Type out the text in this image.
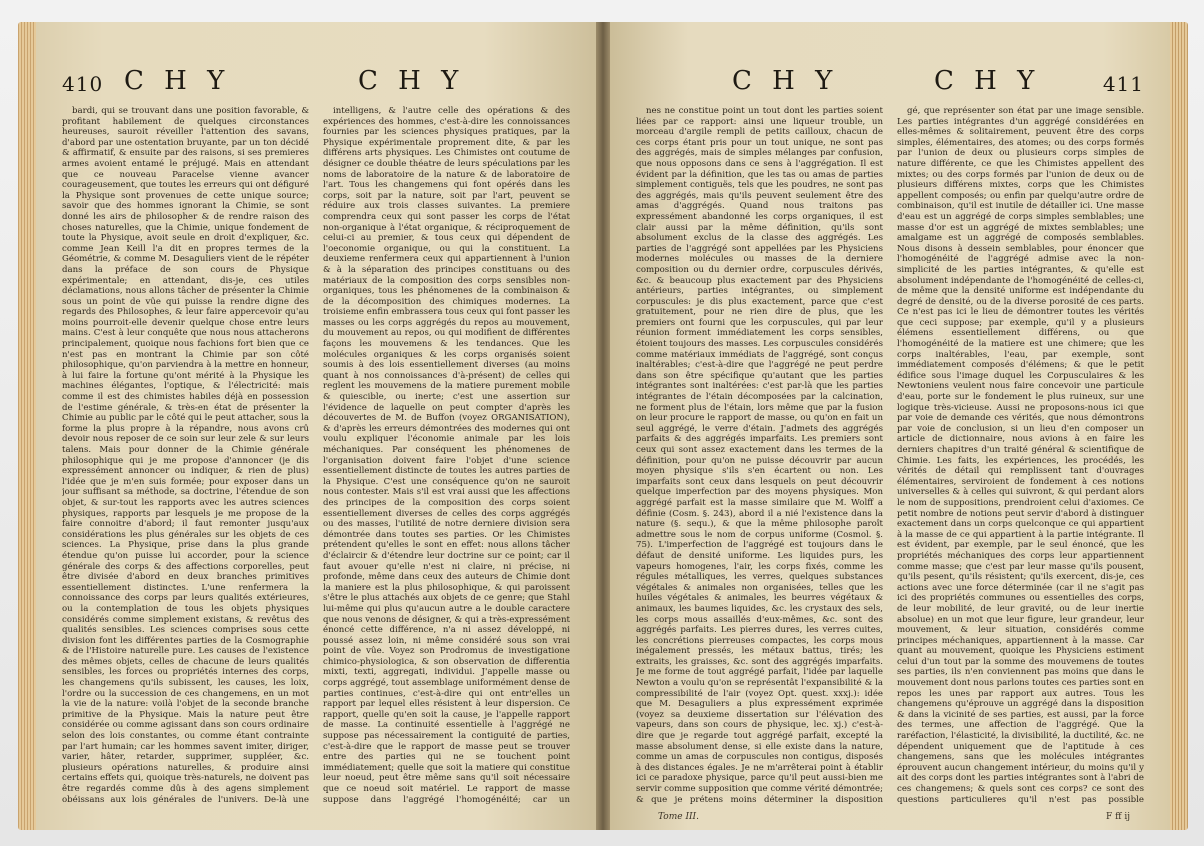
410 C H Y	C H Y

bardi, qui se trouvant dans une position favorable, & profitant habilement de quelques circonstances heureuses, sauroit réveiller l'attention des savans, d'abord par une ostentation bruyante, par un ton décidé & affirmatif, & ensuite par des raisons, si ses premieres armes avoient entamé le préjugé. Mais en attendant que ce nouveau Paracelse vienne avancer courageusement, que toutes les erreurs qui ont défiguré la Physique sont provenues de cette unique source; savoir que des hommes ignorant la Chimie, se sont donné les airs de philosopher & de rendre raison des choses naturelles, que la Chimie, unique fondement de toute la Physique, avoit seule en droit d'expliquer, &c. comme Jean Keill l'a dit en propres termes de la Géométrie, & comme M. Desaguliers vient de le répéter dans la préface de son cours de Physique expérimentale; en attendant, dis-je, ces utiles déclamations, nous allons tâcher de présenter la Chimie sous un point de vûe qui puisse la rendre digne des regards des Philosophes, & leur faire appercevoir qu'au moins pourroit-elle devenir quelque chose entre leurs mains. C'est à leur conquête que nous nous attacherons principalement, quoique nous fachions fort bien que ce n'est pas en montrant la Chimie par son côté philosophique, qu'on parviendra à la mettre en honneur, à lui faire la fortune qu'ont mérité à la Physique les machines élégantes, l'optique, & l'électricité: mais comme il est des chimistes habiles déjà en possession de l'estime générale, & très-en état de présenter la Chimie au public par le côté qui le peut attacher, sous la forme la plus propre à la répandre, nous avons crû devoir nous reposer de ce soin sur leur zele & sur leurs talens. Mais pour donner de la Chimie générale philosophique qui je me propose d'annoncer (je dis expressément annoncer ou indiquer, & rien de plus) l'idée que je m'en suis formée; pour exposer dans un jour suffisant sa méthode, sa doctrine, l'étendue de son objet, & sur-tout les rapports avec les autres sciences physiques, rapports par lesquels je me propose de la faire connoitre d'abord; il faut remonter jusqu'aux considérations les plus générales sur les objets de ces sciences. La Physique, prise dans la plus grande étendue qu'on puisse lui accorder, pour la science générale des corps & des affections corporelles, peut être divisée d'abord en deux branches primitives essentiellement distinctes. L'une renfermera la connoissance des corps par leurs qualités extérieures, ou la contemplation de tous les objets physiques considérés comme simplement existans, & revêtus des qualités sensibles. Les sciences comprises sous cette division font les différentes parties de la Cosmographie & de l'Histoire naturelle pure. Les causes de l'existence des mêmes objets, celles de chacune de leurs qualités sensibles, les forces ou propriétés internes des corps, les changemens qu'ils subissent, les causes, les loix, l'ordre ou la succession de ces changemens, en un mot la vie de la nature: voilà l'objet de la seconde branche primitive de la Physique. Mais la nature peut être considérée ou comme agissant dans son cours ordinaire selon des lois constantes, ou comme étant contrainte par l'art humain; car les hommes savent imiter, diriger, varier, hâter, retarder, supprimer, suppléer, &c. plusieurs opérations naturelles, & produire ainsi certains effets qui, quoique très-naturels, ne doivent pas être regardés comme dûs à des agens simplement obéissans aux lois générales de l'univers. De-là une

intelligens, & l'autre celle des opérations & des expériences des hommes, c'est-à-dire les connoissances fournies par les sciences physiques pratiques, par la Physique expérimentale proprement dite, & par les différens arts physiques. Les Chimistes ont coutume de désigner ce double théatre de leurs spéculations par les noms de laboratoire de la nature & de laboratoire de l'art. Tous les changemens qui font opérés dans les corps, soit par la nature, soit par l'art, peuvent se réduire aux trois classes suivantes. La premiere comprendra ceux qui sont passer les corps de l'état non-organique à l'état organique, & réciproquement de celui-ci au premier, & tous ceux qui dépendent de l'oeconomie organique, ou qui la constituent. La deuxieme renfermera ceux qui appartiennent à l'union & à la séparation des principes constituans ou des matériaux de la composition des corps sensibles non-organiques, tous les phénomenes de la combinaison & de la décomposition des chimiques modernes. La troisieme enfin embrassera tous ceux qui font passer les masses ou les corps aggrégés du repos au mouvement, du mouvement au repos, ou qui modifient de différentes façons les mouvemens & les tendances. Que les molécules organiques & les corps organisés soient soumis à des lois essentiellement diverses (au moins quant à nos connoissances d'à-présent) de celles qui reglent les mouvemens de la matiere purement mobile & quiescible, ou inerte; c'est une assertion sur l'évidence de laquelle on peut compter d'après les découvertes de M. de Buffon (voyez ORGANISATION), & d'après les erreurs démontrées des modernes qui ont voulu expliquer l'économie animale par les lois méchaniques. Par conséquent les phénomenes de l'organisation doivent faire l'objet d'une science essentiellement distincte de toutes les autres parties de la Physique. C'est une conséquence qu'on ne sauroit nous contester. Mais s'il est vrai aussi que les affections des principes de la composition des corps soient essentiellement diverses de celles des corps aggrégés ou des masses, l'utilité de notre derniere division sera démontrée dans toutes ses parties. Or les Chimistes prétendent qu'elles le sont en effet: nous allons tâcher d'éclaircir & d'étendre leur doctrine sur ce point; car il faut avouer qu'elle n'est ni claire, ni précise, ni profonde, même dans ceux des auteurs de Chimie dont la maniere est la plus philosophique, & qui paroissent s'être le plus attachés aux objets de ce genre; que Stahl lui-même qui plus qu'aucun autre a le double caractere que nous venons de désigner, & qui a très-expressément énoncé cette différence, n'a ni assez développé, ni poussé assez loin, ni même considéré sous son vrai point de vûe. Voyez son Prodromus de investigatione chimico-physiologica, & son observation de differentia mixti, texti, aggregati, individui. J'appelle masse ou corps aggrégé, tout assemblage uniformément dense de parties continues, c'est-à-dire qui ont entr'elles un rapport par lequel elles résistent à leur dispersion. Ce rapport, quelle qu'en soit la cause, je l'appelle rapport de masse. La continuité essentielle à l'aggrégé ne suppose pas nécessairement la contiguité de parties, c'est-à-dire que le rapport de masse peut se trouver entre des parties qui ne se touchent point immédiatement; quelle que soit la matiere qui constitue leur noeud, peut être même sans qu'il soit nécessaire que ce noeud soit matériel. Le rapport de masse suppose dans l'aggrégé l'homogénéité; car un

C H Y	C H Y	411

nes ne constitue point un tout dont les parties soient liées par ce rapport: ainsi une liqueur trouble, un morceau d'argile rempli de petits cailloux, chacun de ces corps étant pris pour un tout unique, ne sont pas des aggrégés, mais de simples mélanges par confusion, que nous opposons dans ce sens à l'aggrégation. Il est évident par la définition, que les tas ou amas de parties simplement contiguës, tels que les poudres, ne sont pas des aggrégés, mais qu'ils peuvent seulement être des amas d'aggrégés. Quand nous traitons pas expressément abandonné les corps organiques, il est clair aussi par la même définition, qu'ils sont absolument exclus de la classe des aggrégés. Les parties de l'aggrégé sont appellées par les Physiciens modernes molécules ou masses de la derniere composition ou du dernier ordre, corpuscules dérivés, &c. & beaucoup plus exactement par des Physiciens antérieurs, parties intégrantes, ou simplement corpuscules: je dis plus exactement, parce que c'est gratuitement, pour ne rien dire de plus, que les premiers ont fourni que les corpuscules, qui par leur réunion forment immédiatement les corps sensibles, étoient toujours des masses. Les corpuscules considérés comme matériaux immédiats de l'aggrégé, sont conçus inaltérables; c'est-à-dire que l'aggrégé ne peut perdre dans son être spécifique qu'autant que les parties intégrantes sont inaltérées: c'est par-là que les parties intégrantes de l'étain décomposées par la calcination, ne forment plus de l'étain, lors même que par la fusion on leur procure le rapport de masse, ou qu'on en fait un seul aggrégé, le verre d'étain. J'admets des aggrégés parfaits & des aggrégés imparfaits. Les premiers sont ceux qui sont assez exactement dans les termes de la définition, pour qu'on ne puisse découvrir par aucun moyen physique s'ils s'en écartent ou non. Les imparfaits sont ceux dans lesquels on peut découvrir quelque imperfection par des moyens physiques. Mon aggrégé parfait est la masse similaire que M. Wolff a définie (Cosm. §. 243), abord il a nié l'existence dans la nature (§. sequ.), & que la même philosophe paroît admettre sous le nom de corpus uniforme (Cosmol. §. 75). L'imperfection de l'aggrégé est toujours dans le défaut de densité uniforme. Les liquides purs, les vapeurs homogenes, l'air, les corps fixés, comme les régules métalliques, les verres, quelques substances végétales & animales non organisées, telles que les huiles végétales & animales, les beurres végétaux & animaux, les baumes liquides, &c. les crystaux des sels, les corps mous assaillés d'eux-mêmes, &c. sont des aggrégés parfaits. Les pierres dures, les verres cuites, les concrétions pierreuses compactes, les corps mous inégalement pressés, les métaux battus, tirés; les extraits, les graisses, &c. sont des aggrégés imparfaits. Je me forme de tout aggrégé parfait, l'idée par laquelle Newton a voulu qu'on se représentât l'expansibilité & la compressibilité de l'air (voyez Opt. quest. xxxj.): idée que M. Desaguliers a plus expressément exprimée (voyez sa deuxieme dissertation sur l'élévation des vapeurs, dans son cours de physique, lec. xj.) c'est-à-dire que je regarde tout aggrégé parfait, excepté la masse absolument dense, si elle existe dans la nature, comme un amas de corpuscules non contigus, disposés à des distances égales. Je ne m'arrêterai point à établir ici ce paradoxe physique, parce qu'il peut aussi-bien me servir comme supposition que comme vérité démontrée; & que je prétens moins déterminer la disposition

gé, que représenter son état par une image sensible. Les parties intégrantes d'un aggrégé considérées en elles-mêmes & solitairement, peuvent être des corps simples, élémentaires, des atomes; ou des corps formés par l'union de deux ou plusieurs corps simples de nature différente, ce que les Chimistes appellent des mixtes; ou des corps formés par l'union de deux ou de plusieurs différens mixtes, corps que les Chimistes appellent composés; ou enfin par quelqu'autre ordre de combinaison, qu'il est inutile de détailler ici. Une masse d'eau est un aggrégé de corps simples semblables; une masse d'or est un aggrégé de mixtes semblables; une amalgame est un aggrégé de composés semblables. Nous disons à dessein semblables, pour énoncer que l'homogénéité de l'aggrégé admise avec la non-simplicité de les parties intégrantes, & qu'elle est absolument indépendante de l'homogénéité de celles-ci, de même que la densité uniforme est indépendante du degré de densité, ou de la diverse porosité de ces parts. Ce n'est pas ici le lieu de démontrer toutes les vérités que ceci suppose; par exemple, qu'il y a plusieurs élémens essentiellement différens, ou que l'homogénéité de la matiere est une chimere; que les corps inaltérables, l'eau, par exemple, sont immédiatement composés d'élémens; & que le petit édifice sous l'image duquel les Corpusculaires & les Newtoniens veulent nous faire concevoir une particule d'eau, porte sur le fondement le plus ruineux, sur une logique très-vicieuse. Aussi ne proposons-nous ici que par voie de demande ces vérités, que nous démontrons par voie de conclusion, si un lieu d'en composer un article de dictionnaire, nous avions à en faire les derniers chapitres d'un traité général & scientifique de Chimie. Les faits, les expériences, les procédés, les vérités de détail qui remplissent tant d'ouvrages élémentaires, serviroient de fondement à ces notions universelles & à celles qui suivront, & qui perdant alors le nom de suppositions, prendroient celui d'axiomes. Ce petit nombre de notions peut servir d'abord à distinguer exactement dans un corps quelconque ce qui appartient à la masse de ce qui appartient à la partie intégrante. Il est évident, par exemple, par le seul énoncé, que les propriétés méchaniques des corps leur appartiennent comme masse; que c'est par leur masse qu'ils pousent, qu'ils pesent, qu'ils résistent; qu'ils exercent, dis-je, ces actions avec une force déterminée (car il ne s'agit pas ici des propriétés communes ou essentielles des corps, de leur mobilité, de leur gravité, ou de leur inertie absolue) en un mot que leur figure, leur grandeur, leur mouvement, & leur situation, considérés comme principes méchaniques, appartiennent à la masse. Car quant au mouvement, quoique les Physiciens estiment celui d'un tout par la somme des mouvemens de toutes ses parties, ils n'en conviennent pas moins que dans le mouvement dont nous parlons toutes ces parties sont en repos les unes par rapport aux autres. Tous les changemens qu'éprouve un aggrégé dans la disposition & dans la vicinité de ses parties, est aussi, par la force des termes, une affection de l'aggrégé. Que la raréfaction, l'élasticité, la divisibilité, la ductilité, &c. ne dépendent uniquement que de l'aptitude à ces changemens, sans que les molécules intégrantes éprouvent aucun changement intérieur, du moins qu'il y ait des corps dont les parties intégrantes sont à l'abri de ces changemens; & quels sont ces corps? ce sont des questions particulieres qu'il n'est pas possible

Tome III.	F ff ij
